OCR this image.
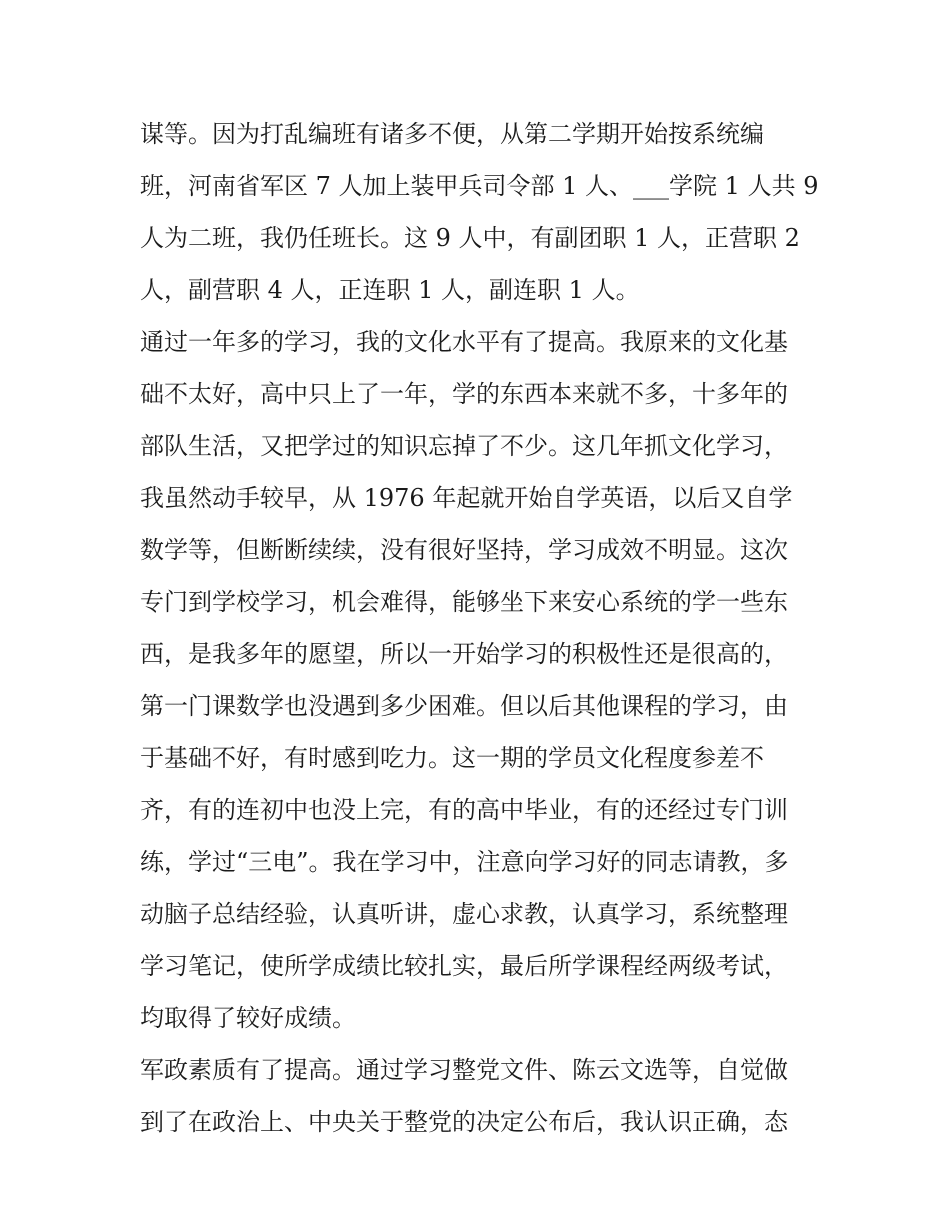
谋等。因为打乱编班有诸多不便，从第二学期开始按系统编
班，河南省军区 7 人加上装甲兵司令部 1 人、___学院 1 人共 9
人为二班，我仍任班长。这 9 人中，有副团职 1 人，正营职 2
人，副营职 4 人，正连职 1 人，副连职 1 人。
通过一年多的学习，我的文化水平有了提高。我原来的文化基
础不太好，高中只上了一年，学的东西本来就不多，十多年的
部队生活，又把学过的知识忘掉了不少。这几年抓文化学习，
我虽然动手较早，从 1976 年起就开始自学英语，以后又自学
数学等，但断断续续，没有很好坚持，学习成效不明显。这次
专门到学校学习，机会难得，能够坐下来安心系统的学一些东
西，是我多年的愿望，所以一开始学习的积极性还是很高的，
第一门课数学也没遇到多少困难。但以后其他课程的学习，由
于基础不好，有时感到吃力。这一期的学员文化程度参差不
齐，有的连初中也没上完，有的高中毕业，有的还经过专门训
练，学过“三电”。我在学习中，注意向学习好的同志请教，多
动脑子总结经验，认真听讲，虚心求教，认真学习，系统整理
学习笔记，使所学成绩比较扎实，最后所学课程经两级考试，
均取得了较好成绩。
军政素质有了提高。通过学习整党文件、陈云文选等，自觉做
到了在政治上、中央关于整党的决定公布后，我认识正确，态
